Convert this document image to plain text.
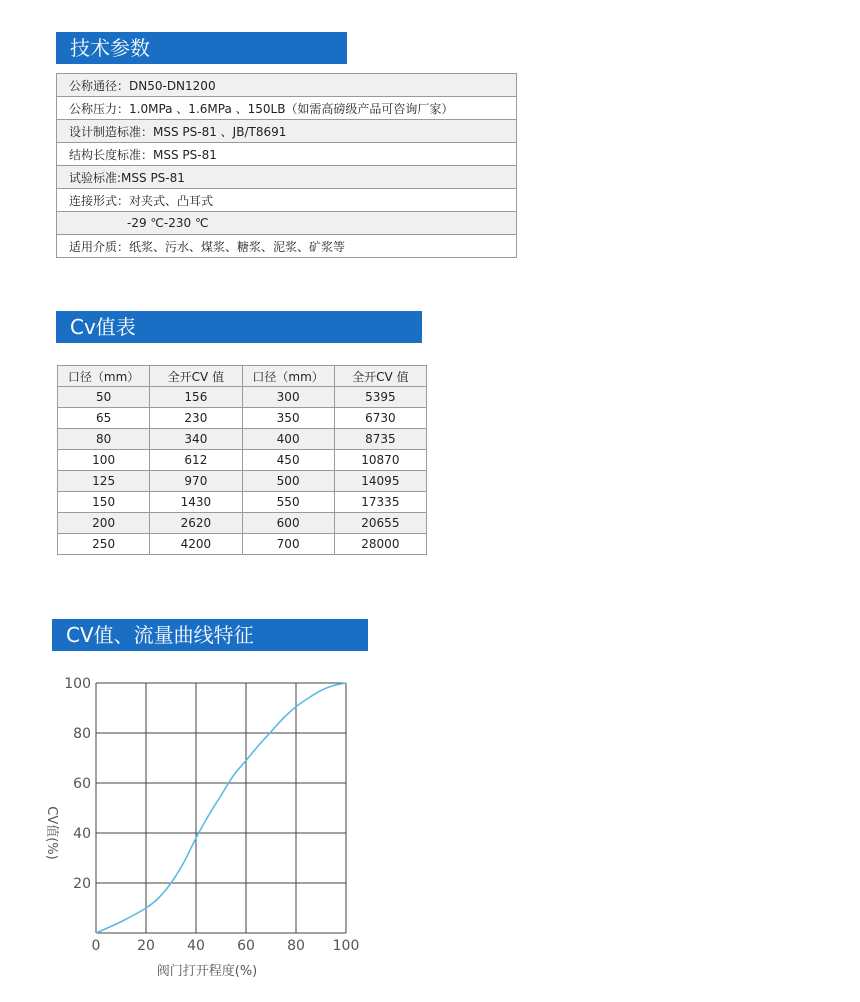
技术参数
公称通径：DN50-DN1200
公称压力：1.0MPa 、1.6MPa 、150LB（如需高磅级产品可咨询厂家）
设计制造标准：MSS PS-81 、JB/T8691
结构长度标准：MSS PS-81
试验标准:MSS PS-81
连接形式：对夹式、凸耳式
-29 ℃-230 ℃
适用介质：纸浆、污水、煤浆、糖浆、泥浆、矿浆等
Cv值表
口径（mm）	全开CV 值	口径（mm）	全开CV 值
50	156	300	5395
65	230	350	6730
80	340	400	8735
100	612	450	10870
125	970	500	14095
150	1430	550	17335
200	2620	600	20655
250	4200	700	28000
CV值、流量曲线特征
0	20 40 60 80 100
20
40
60
80
100
阀门打开程度(%)
CV值(%)
